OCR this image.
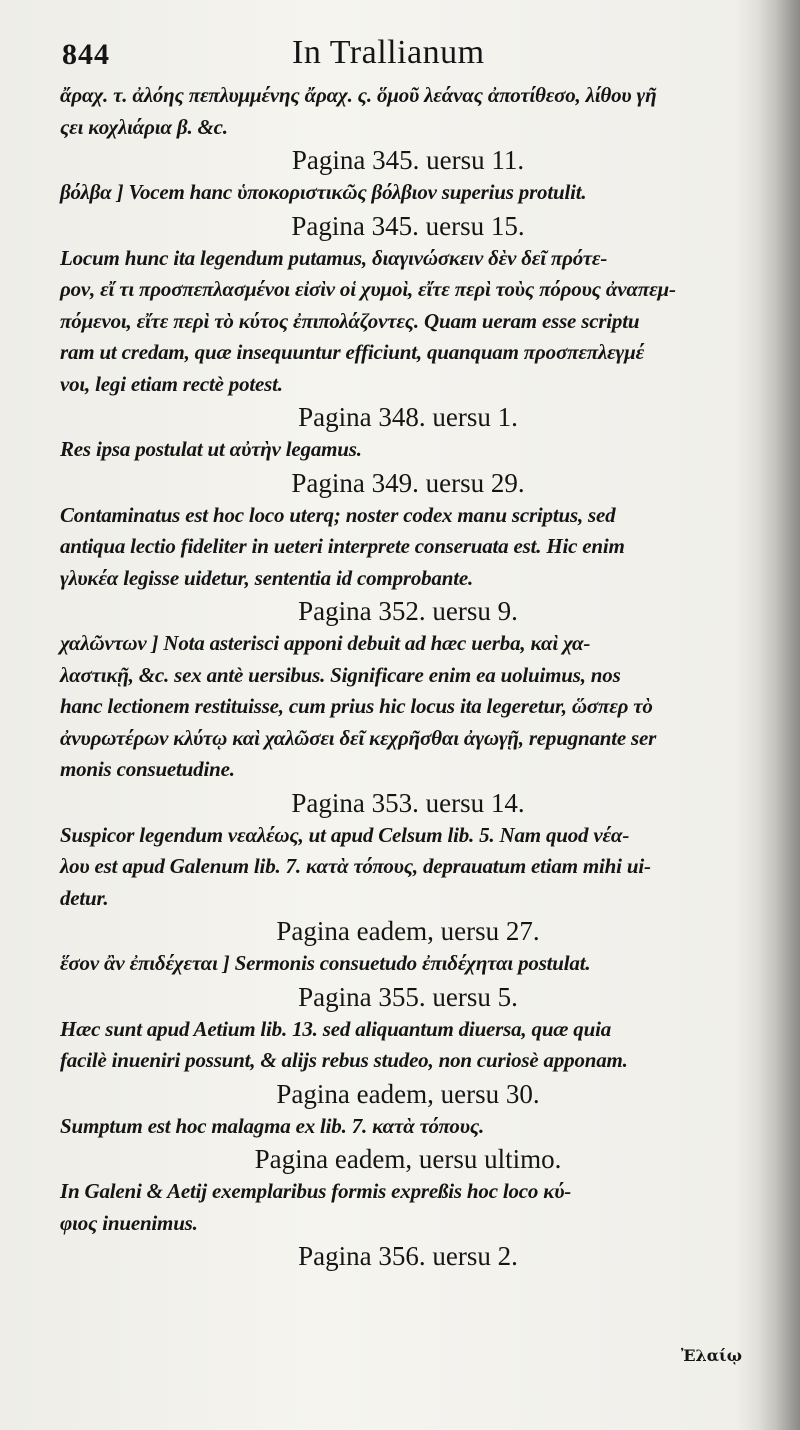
844	In Trallianum
ἄραχ. τ. ἀλόης πεπλυμμένης ἄραχ. ς. ὅμοῦ λεάνας ἀποτίθεσο, λίθου γῆ
ςει κοχλιάρια β. &c.
Pagina 345. uersu 11.
βόλβα ] Vocem hanc ὑποκοριστικῶς βόλβιον superius protulit.
Pagina 345. uersu 15.
Locum hunc ita legendum putamus, διαγινώσκειν δὲν δεῖ πρότε-
ρον, εἴ τι προσπεπλασμένοι εἰσὶν οἱ χυμοὶ, εἴτε περὶ τοὺς πόρους ἀναπεμ-
πόμενοι, εἴτε περὶ τὸ κύτος ἐπιπολάζοντες. Quam ueram esse scriptu
ram ut credam, quæ insequuntur efficiunt, quanquam προσπεπλεγμέ
νοι, legi etiam rectè potest.
Pagina 348. uersu 1.
Res ipsa postulat ut αὐτὴν legamus.
Pagina 349. uersu 29.
Contaminatus est hoc loco uterq; noster codex manu scriptus, sed
antiqua lectio fideliter in ueteri interprete conseruata est. Hic enim
γλυκέα legisse uidetur, sententia id comprobante.
Pagina 352. uersu 9.
χαλῶντων ] Nota asterisci apponi debuit ad hæc uerba, καὶ χα-
λαστικῇ, &c. sex antè uersibus. Significare enim ea uoluimus, nos
hanc lectionem restituisse, cum prius hic locus ita legeretur, ὥσπερ τὸ
ἀνυρωτέρων κλύτῳ καὶ χαλῶσει δεῖ κεχρῆσθαι ἀγωγῇ, repugnante ser
monis consuetudine.
Pagina 353. uersu 14.
Suspicor legendum νεαλέως, ut apud Celsum lib. 5. Nam quod νέα-
λου est apud Galenum lib. 7. κατὰ τόπους, deprauatum etiam mihi ui-
detur.
Pagina eadem, uersu 27.
ἕσον ἂν ἐπιδέχεται ] Sermonis consuetudo ἐπιδέχηται postulat.
Pagina 355. uersu 5.
Hæc sunt apud Aetium lib. 13. sed aliquantum diuersa, quæ quia
facilè inueniri possunt, & alijs rebus studeo, non curiosè apponam.
Pagina eadem, uersu 30.
Sumptum est hoc malagma ex lib. 7. κατὰ τόπους.
Pagina eadem, uersu ultimo.
In Galeni & Aetij exemplaribus formis expreßis hoc loco κύ-
φιος inuenimus.
Pagina 356. uersu 2.
Ἐλαίῳ
